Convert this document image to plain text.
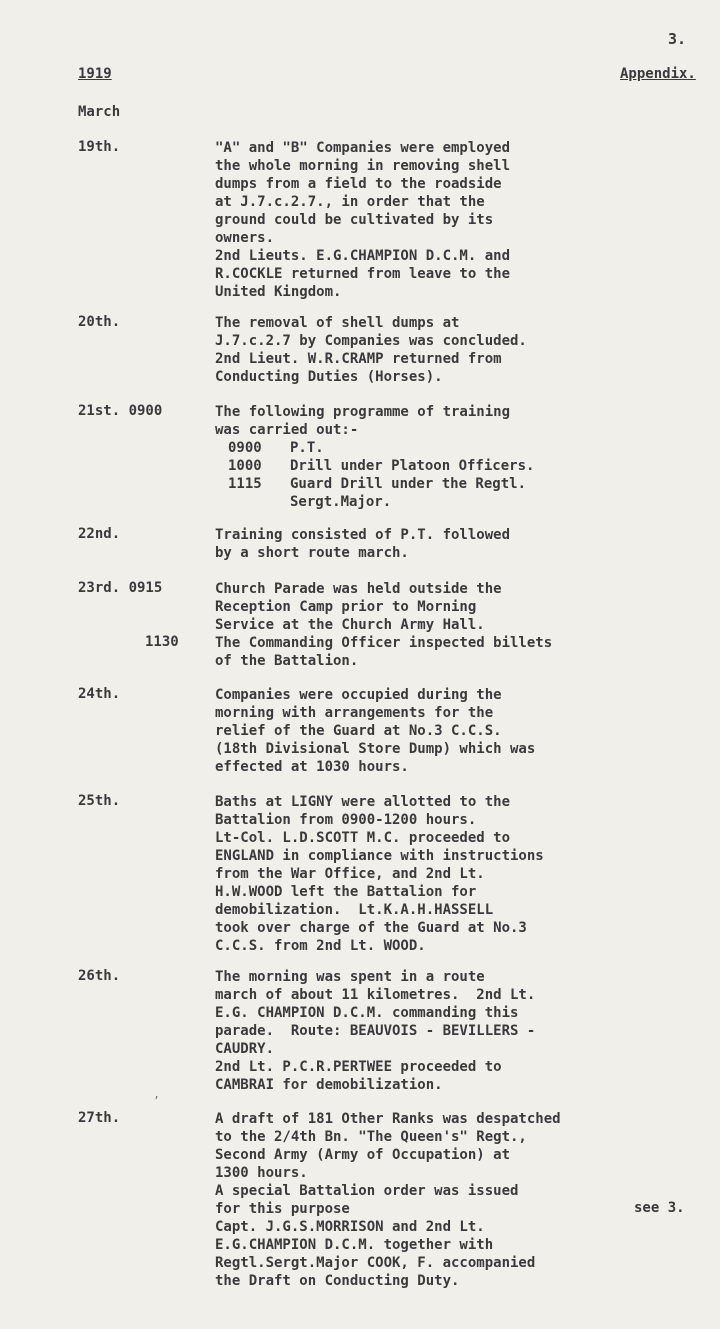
3.
1919	Appendix.
March
19th.	"A" and "B" Companies were employed
the whole morning in removing shell
dumps from a field to the roadside
at J.7.c.2.7., in order that the
ground could be cultivated by its
owners.
2nd Lieuts. E.G.CHAMPION D.C.M. and
R.COCKLE returned from leave to the
United Kingdom.
20th.	The removal of shell dumps at
J.7.c.2.7 by Companies was concluded.
2nd Lieut. W.R.CRAMP returned from
Conducting Duties (Horses).
21st. 0900	The following programme of training
was carried out:-
0900 P.T.
1000 Drill under Platoon Officers.
1115 Guard Drill under the Regtl.
Sergt.Major.
22nd.	Training consisted of P.T. followed
by a short route march.
23rd. 0915	Church Parade was held outside the
Reception Camp prior to Morning
Service at the Church Army Hall.
1130	The Commanding Officer inspected billets
of the Battalion.
24th.	Companies were occupied during the
morning with arrangements for the
relief of the Guard at No.3 C.C.S.
(18th Divisional Store Dump) which was
effected at 1030 hours.
25th.	Baths at LIGNY were allotted to the
Battalion from 0900-1200 hours.
Lt-Col. L.D.SCOTT M.C. proceeded to
ENGLAND in compliance with instructions
from the War Office, and 2nd Lt.
H.W.WOOD left the Battalion for
demobilization.  Lt.K.A.H.HASSELL
took over charge of the Guard at No.3
C.C.S. from 2nd Lt. WOOD.
26th.	The morning was spent in a route
march of about 11 kilometres.  2nd Lt.
E.G. CHAMPION D.C.M. commanding this
parade.  Route: BEAUVOIS - BEVILLERS -
CAUDRY.
2nd Lt. P.C.R.PERTWEE proceeded to
CAMBRAI for demobilization.
’
27th.	A draft of 181 Other Ranks was despatched
to the 2/4th Bn. "The Queen's" Regt.,
Second Army (Army of Occupation) at
1300 hours.
A special Battalion order was issued
for this purpose	see 3.
Capt. J.G.S.MORRISON and 2nd Lt.
E.G.CHAMPION D.C.M. together with
Regtl.Sergt.Major COOK, F. accompanied
the Draft on Conducting Duty.
